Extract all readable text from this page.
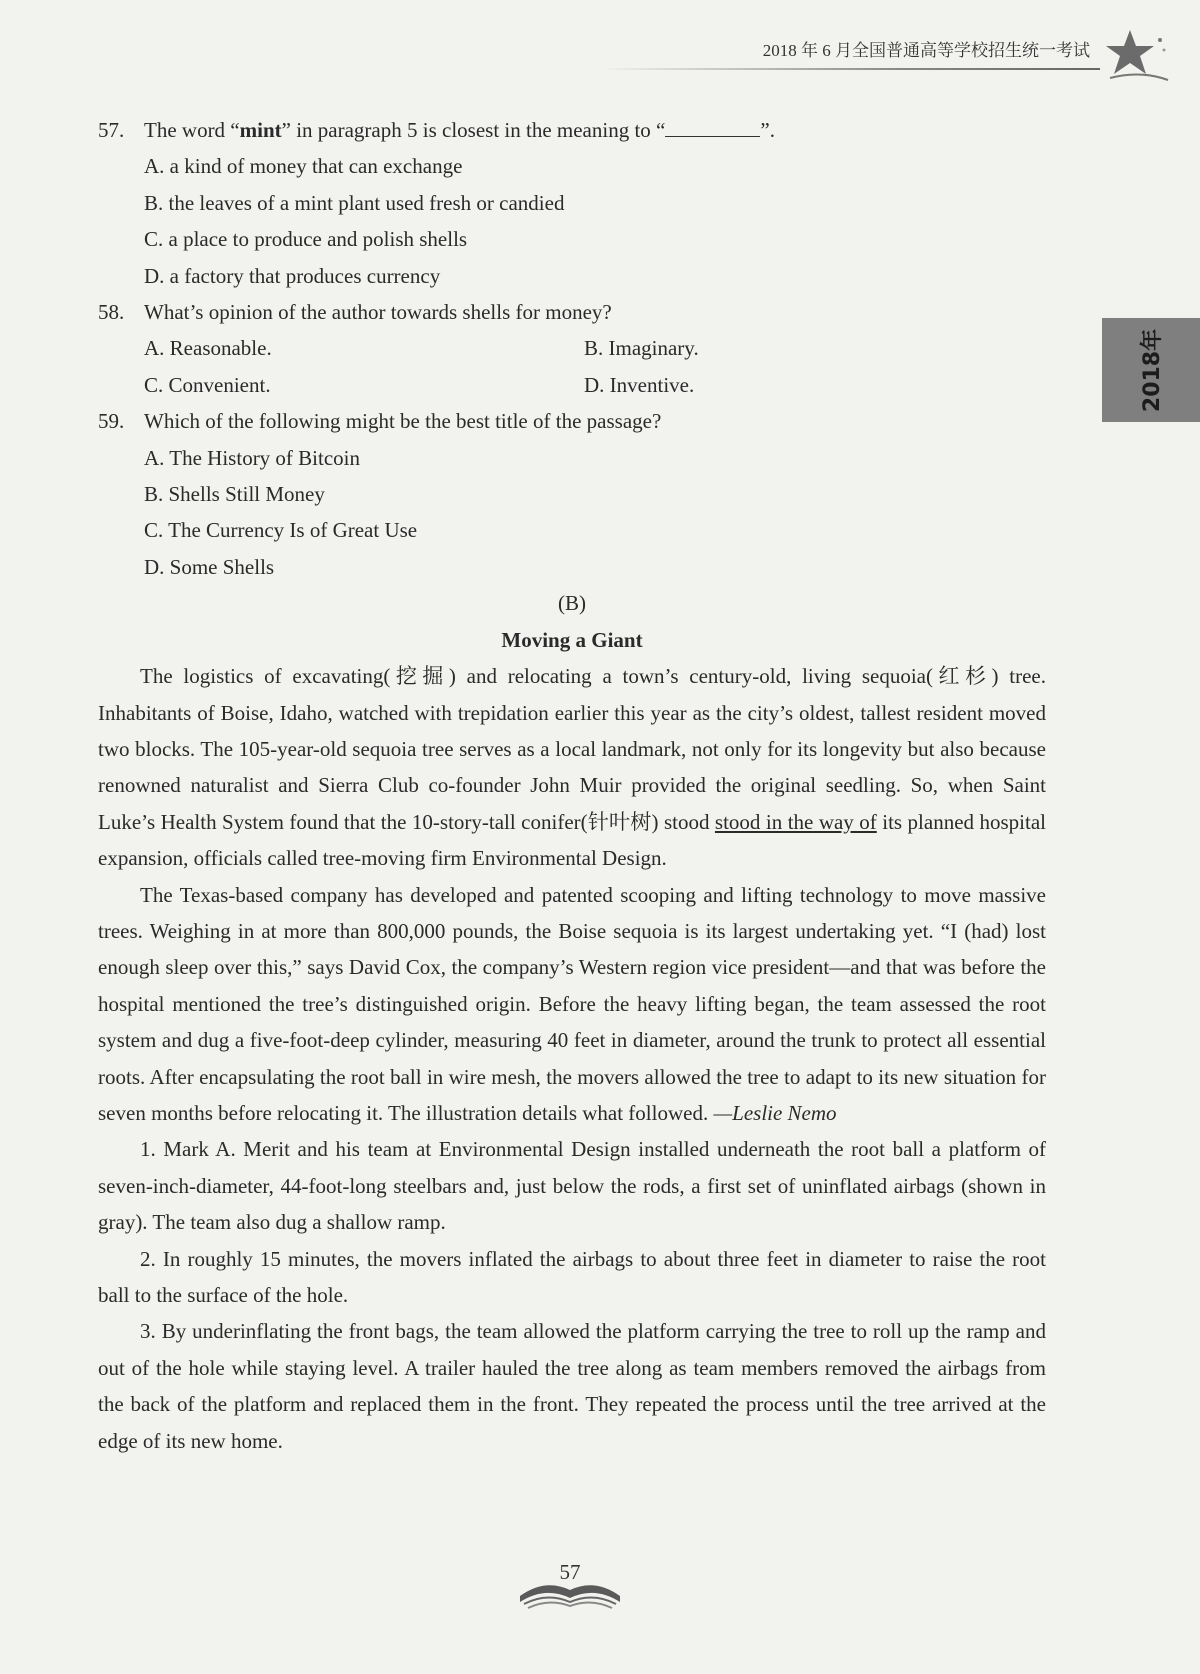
2018 年 6 月全国普通高等学校招生统一考试
2018年

57. The word “mint” in paragraph 5 is closest in the meaning to “	”.

A. a kind of money that can exchange

B. the leaves of a mint plant used fresh or candied

C. a place to produce and polish shells

D. a factory that produces currency

58. What’s opinion of the author towards shells for money?

A. Reasonable.	B. Imaginary.

C. Convenient.	D. Inventive.

59. Which of the following might be the best title of the passage?

A. The History of Bitcoin

B. Shells Still Money

C. The Currency Is of Great Use

D. Some Shells

(B)

Moving a Giant

The logistics of excavating(挖掘) and relocating a town’s century-old, living sequoia(红杉) tree. Inhabitants of Boise, Idaho, watched with trepidation earlier this year as the city’s oldest, tallest resident moved two blocks. The 105-year-old sequoia tree serves as a local landmark, not only for its longevity but also because renowned naturalist and Sierra Club co-founder John Muir provided the original seedling. So, when Saint Luke’s Health System found that the 10-story-tall conifer(针叶树) stood stood in the way of its planned hospital expansion, officials called tree-moving firm Environmental Design.

The Texas-based company has developed and patented scooping and lifting technology to move massive trees. Weighing in at more than 800,000 pounds, the Boise sequoia is its largest undertaking yet. “I (had) lost enough sleep over this,” says David Cox, the company’s Western region vice president—and that was before the hospital mentioned the tree’s distinguished origin. Before the heavy lifting began, the team assessed the root system and dug a five-foot-deep cylinder, measuring 40 feet in diameter, around the trunk to protect all essential roots. After encapsulating the root ball in wire mesh, the movers allowed the tree to adapt to its new situation for seven months before relocating it. The illustration details what followed. —Leslie Nemo

1. Mark A. Merit and his team at Environmental Design installed underneath the root ball a platform of seven-inch-diameter, 44-foot-long steelbars and, just below the rods, a first set of uninflated airbags (shown in gray). The team also dug a shallow ramp.

2. In roughly 15 minutes, the movers inflated the airbags to about three feet in diameter to raise the root ball to the surface of the hole.

3. By underinflating the front bags, the team allowed the platform carrying the tree to roll up the ramp and out of the hole while staying level. A trailer hauled the tree along as team members removed the airbags from the back of the platform and replaced them in the front. They repeated the process until the tree arrived at the edge of its new home.

57
